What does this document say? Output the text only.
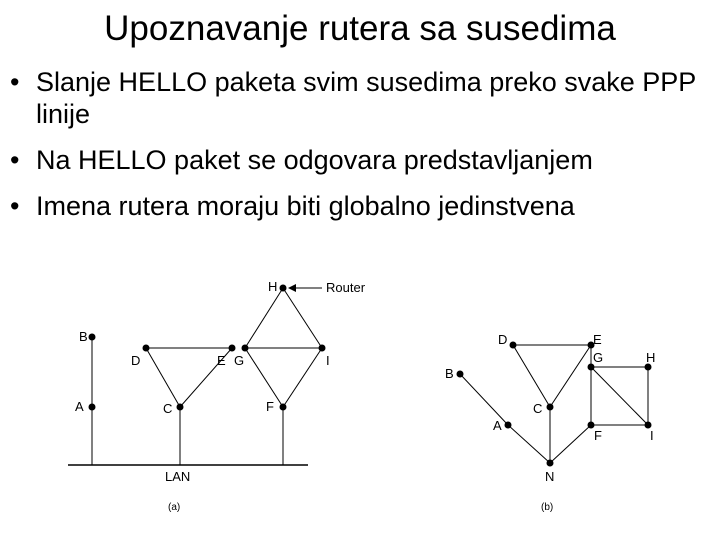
Upoznavanje rutera sa susedima
• Slanje HELLO paketa svim susedima preko svake PPP linije
• Na HELLO paket se odgovara predstavljanjem
• Imena rutera moraju biti globalno jedinstvena
Router
B
A
D	E
C
G	I
H
F
LAN
(a)
D	E
G	H
C
B
A
F	I
N
(b)
